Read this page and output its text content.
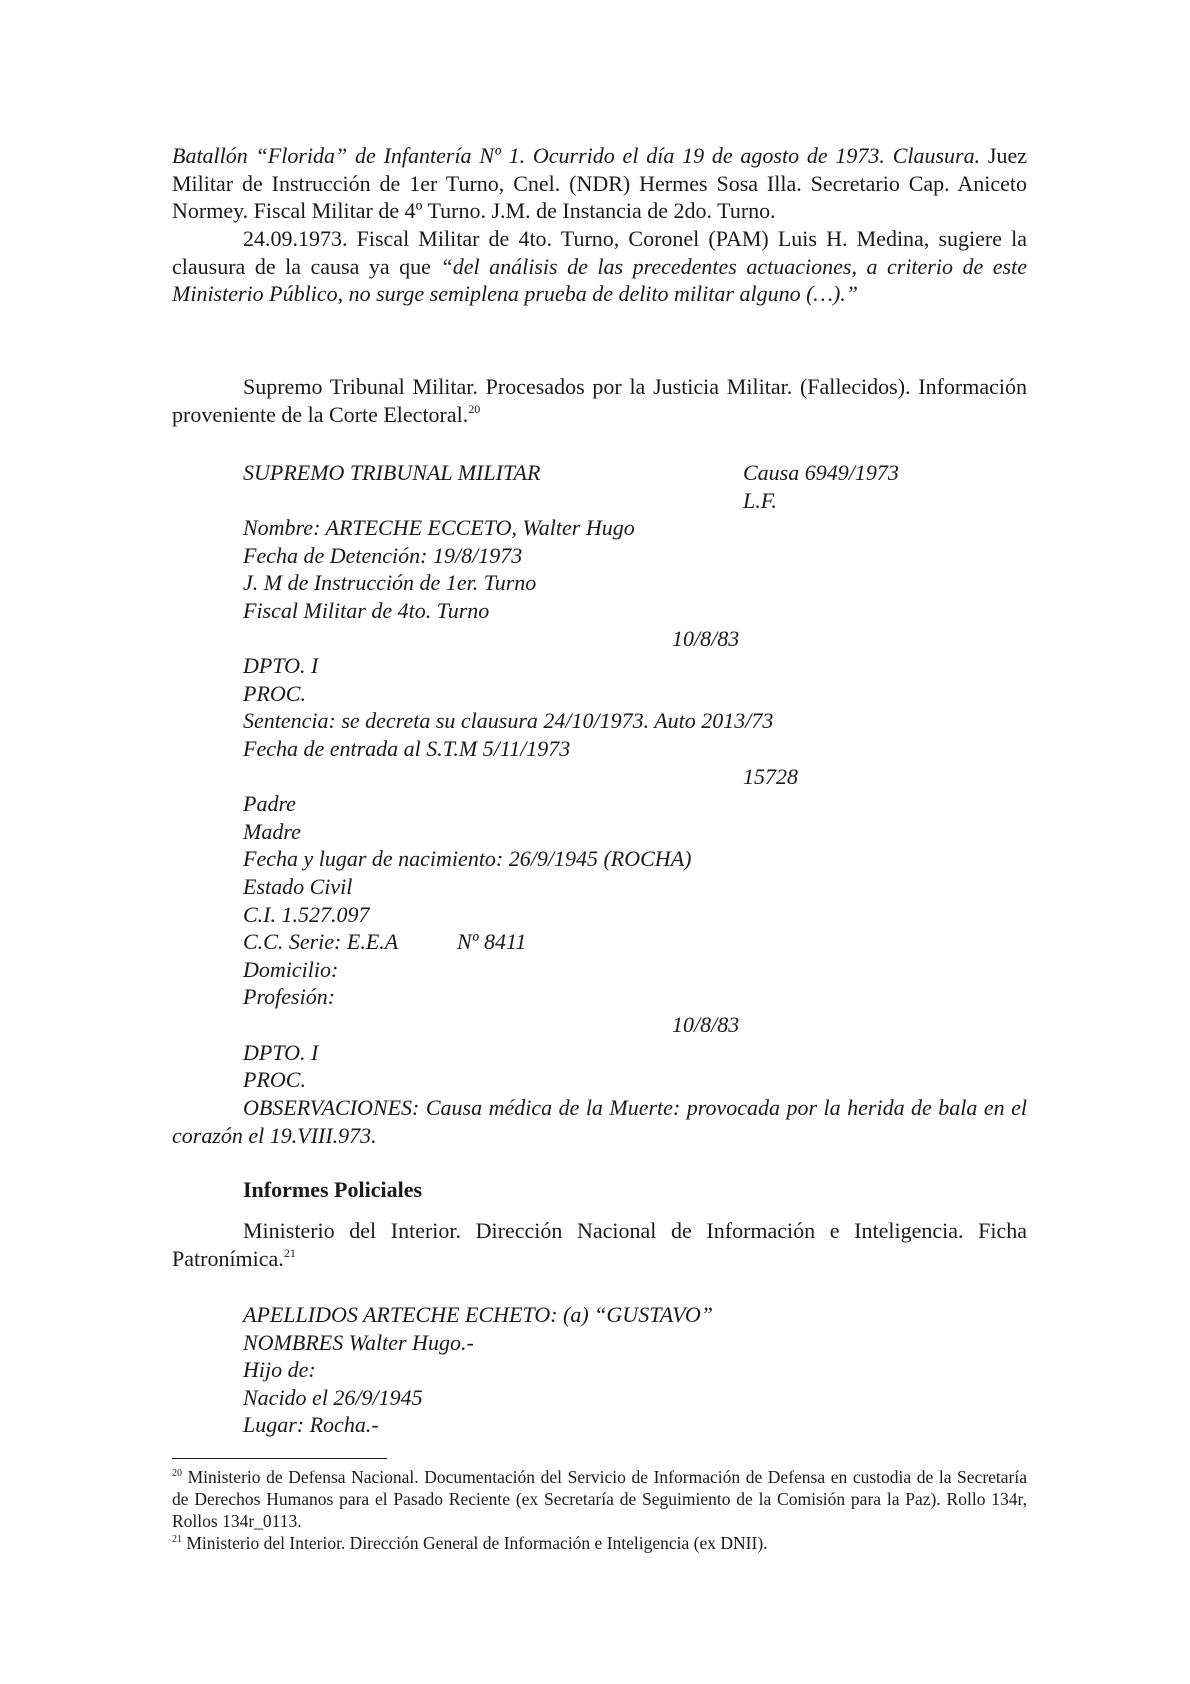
Batallón “Florida” de Infantería Nº 1. Ocurrido el día 19 de agosto de 1973. Clausura. Juez Militar de Instrucción de 1er Turno, Cnel. (NDR) Hermes Sosa Illa. Secretario Cap. Aniceto Normey. Fiscal Militar de 4º Turno. J.M. de Instancia de 2do. Turno.
24.09.1973. Fiscal Militar de 4to. Turno, Coronel (PAM) Luis H. Medina, sugiere la clausura de la causa ya que “del análisis de las precedentes actuaciones, a criterio de este Ministerio Público, no surge semiplena prueba de delito militar alguno (…).”
Supremo Tribunal Militar. Procesados por la Justicia Militar. (Fallecidos). Información proveniente de la Corte Electoral.$^{20}$
SUPREMO TRIBUNAL MILITAR	Causa 6949/1973
L.F.
Nombre: ARTECHE ECCETO, Walter Hugo
Fecha de Detención: 19/8/1973
J. M de Instrucción de 1er. Turno
Fiscal Militar de 4to. Turno
10/8/83
DPTO. I
PROC.
Sentencia: se decreta su clausura 24/10/1973. Auto 2013/73
Fecha de entrada al S.T.M 5/11/1973
15728
Padre
Madre
Fecha y lugar de nacimiento: 26/9/1945 (ROCHA)
Estado Civil
C.I. 1.527.097
C.C. Serie: E.E.A	Nº 8411
Domicilio:
Profesión:
10/8/83
DPTO. I
PROC.
OBSERVACIONES: Causa médica de la Muerte: provocada por la herida de bala en el corazón el 19.VIII.973.
Informes Policiales
Ministerio del Interior. Dirección Nacional de Información e Inteligencia. Ficha Patronímica.$^{21}$
APELLIDOS ARTECHE ECHETO: (a) “GUSTAVO”
NOMBRES Walter Hugo.-
Hijo de:
Nacido el 26/9/1945
Lugar: Rocha.-
$^{20}$ Ministerio de Defensa Nacional. Documentación del Servicio de Información de Defensa en custodia de la Secretaría de Derechos Humanos para el Pasado Reciente (ex Secretaría de Seguimiento de la Comisión para la Paz). Rollo 134r, Rollos 134r_0113.
$^{21}$ Ministerio del Interior. Dirección General de Información e Inteligencia (ex DNII).
